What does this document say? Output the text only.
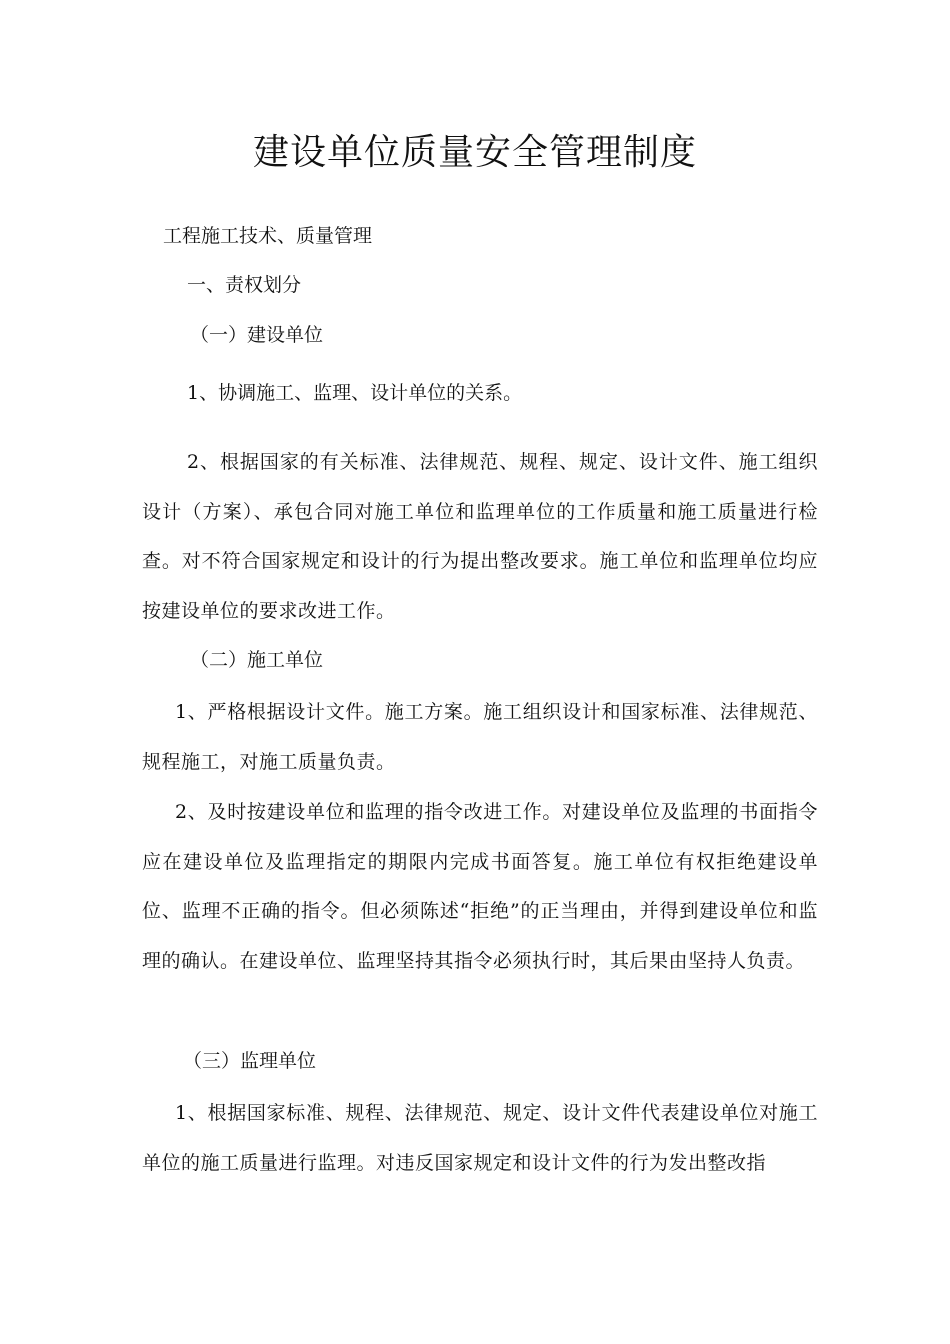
建设单位质量安全管理制度

工程施工技术、质量管理

一、责权划分

（一）建设单位

1、协调施工、监理、设计单位的关系。

2、根据国家的有关标准、法律规范、规程、规定、设计文件、施工组织设计（方案）、承包合同对施工单位和监理单位的工作质量和施工质量进行检查。对不符合国家规定和设计的行为提出整改要求。施工单位和监理单位均应按建设单位的要求改进工作。

（二）施工单位

1、严格根据设计文件。施工方案。施工组织设计和国家标准、法律规范、规程施工，对施工质量负责。

2、及时按建设单位和监理的指令改进工作。对建设单位及监理的书面指令应在建设单位及监理指定的期限内完成书面答复。施工单位有权拒绝建设单位、监理不正确的指令。但必须陈述“拒绝”的正当理由，并得到建设单位和监理的确认。在建设单位、监理坚持其指令必须执行时，其后果由坚持人负责。

（三）监理单位

1、根据国家标准、规程、法律规范、规定、设计文件代表建设单位对施工单位的施工质量进行监理。对违反国家规定和设计文件的行为发出整改指
